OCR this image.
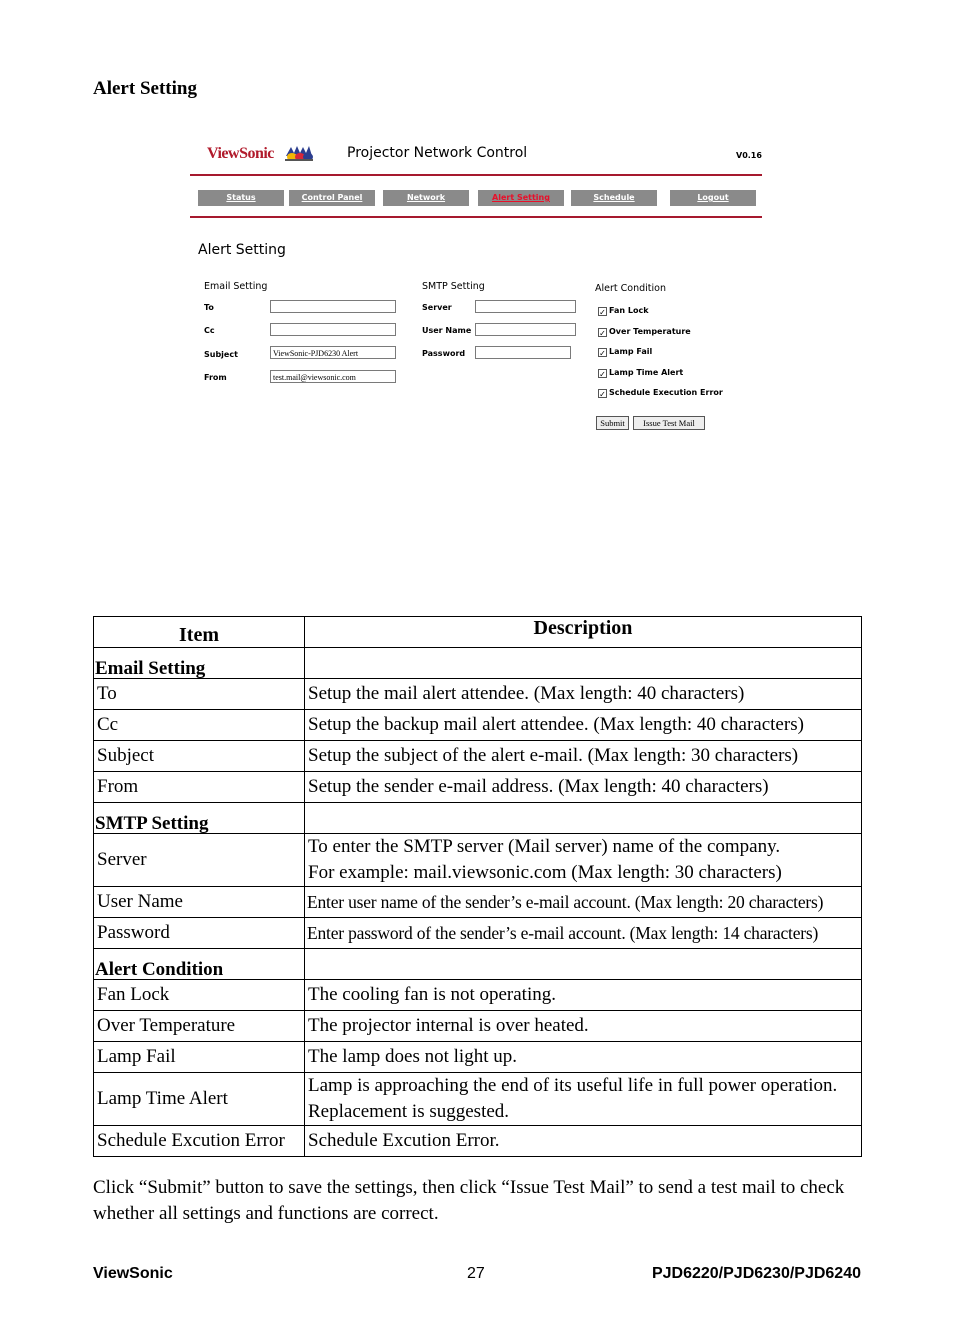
Alert Setting
ViewSonic	Projector Network Control	V0.16
Status	Control Panel	Network	Alert Setting	Schedule	Logout
Alert Setting
Email Setting
To
Cc
Subject	ViewSonic-PJD6230 Alert
From	test.mail@viewsonic.com
SMTP Setting
Server
User Name
Password
Alert Condition
✓ Fan Lock
✓ Over Temperature
✓ Lamp Fail
✓ Lamp Time Alert
✓ Schedule Execution Error
Submit	Issue Test Mail
Item	Description
Email Setting	
To	Setup the mail alert attendee. (Max length: 40 characters)
Cc	Setup the backup mail alert attendee. (Max length: 40 characters)
Subject	Setup the subject of the alert e-mail. (Max length: 30 characters)
From	Setup the sender e-mail address. (Max length: 40 characters)
SMTP Setting	
Server	To enter the SMTP server (Mail server) name of the company.
For example: mail.viewsonic.com (Max length: 30 characters)

User Name	Enter user name of the sender’s e-mail account. (Max length: 20 characters)
Password	Enter password of the sender’s e-mail account. (Max length: 14 characters)
Alert Condition	
Fan Lock	The cooling fan is not operating.
Over Temperature	The projector internal is over heated.
Lamp Fail	The lamp does not light up.
Lamp Time Alert	Lamp is approaching the end of its useful life in full power operation.
Replacement is suggested.

Schedule Excution Error	Schedule Excution Error.
Click “Submit” button to save the settings, then click “Issue Test Mail” to send a test mail to check whether all settings and functions are correct.
ViewSonic	27	PJD6220/PJD6230/PJD6240
